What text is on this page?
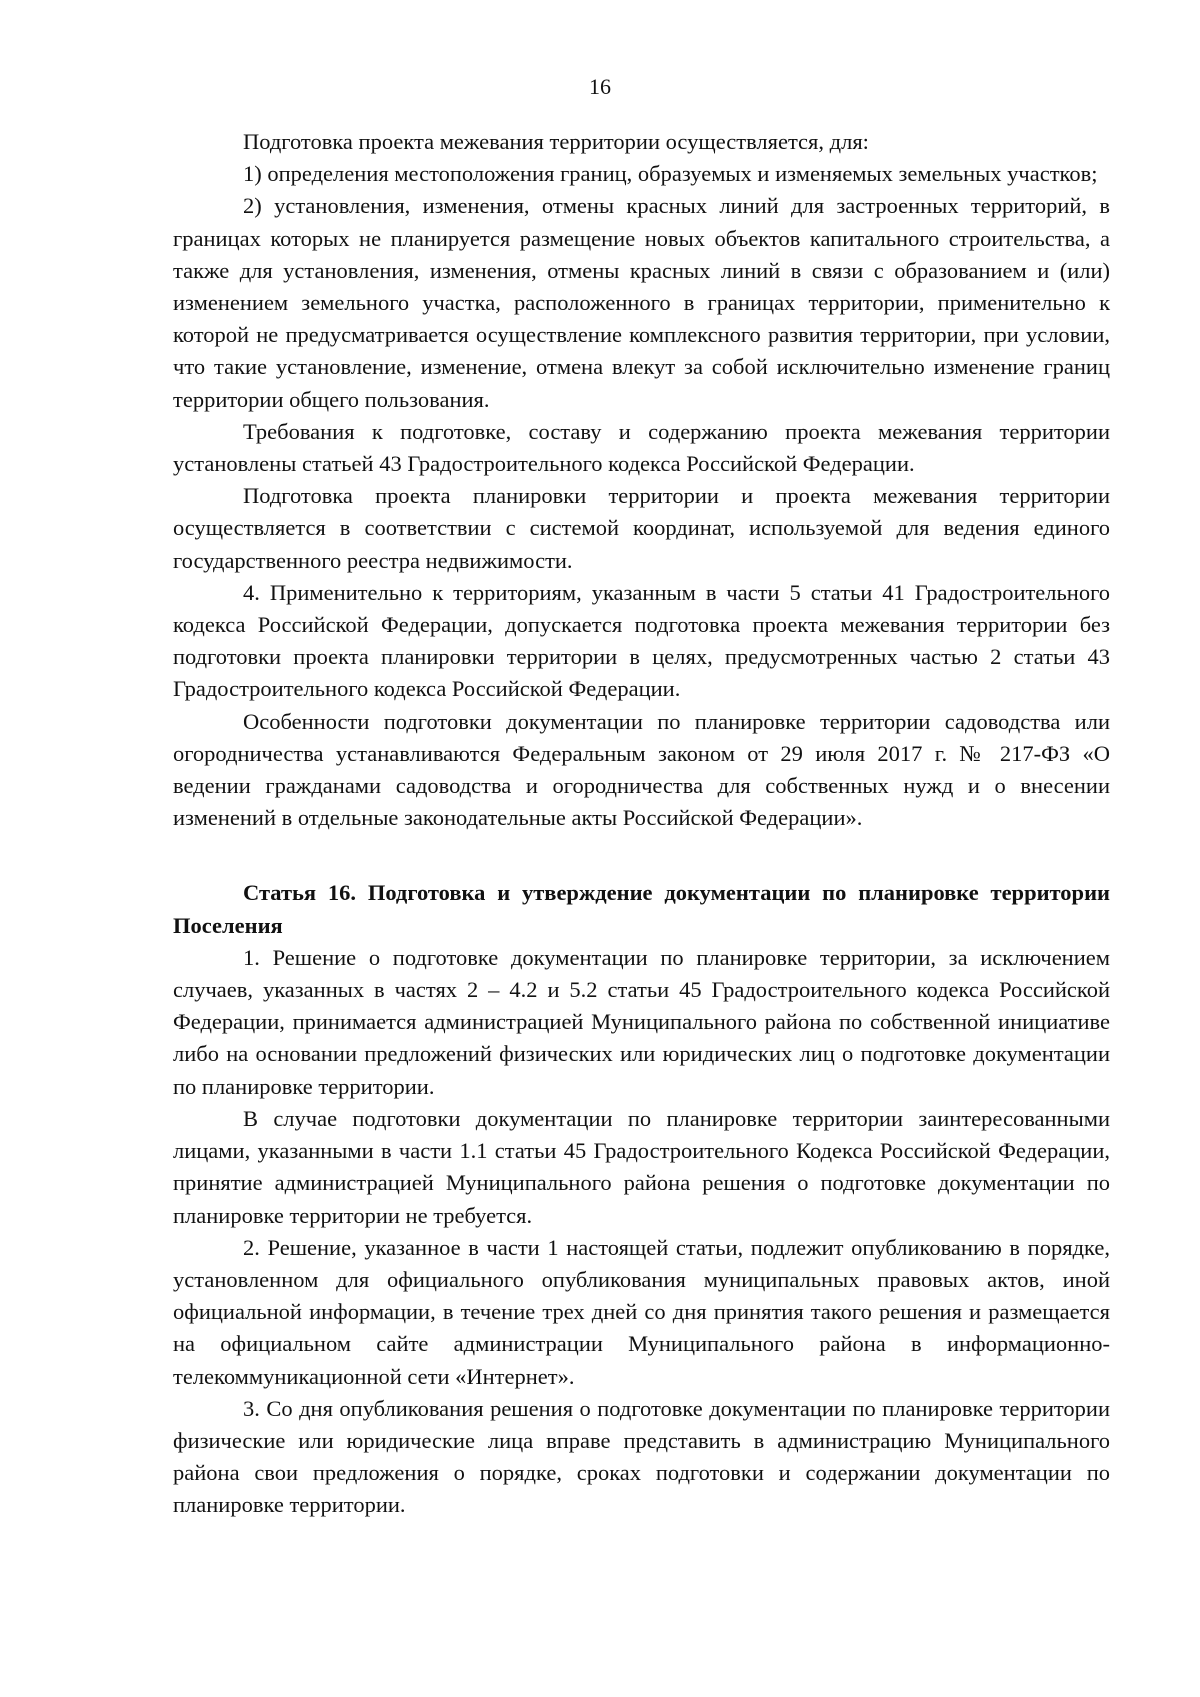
16

Подготовка проекта межевания территории осуществляется, для:

1) определения местоположения границ, образуемых и изменяемых земельных участков;

2) установления, изменения, отмены красных линий для застроенных территорий, в границах которых не планируется размещение новых объектов капитального строительства, а также для установления, изменения, отмены красных линий в связи с образованием и (или) изменением земельного участка, расположенного в границах территории, применительно к которой не предусматривается осуществление комплексного развития территории, при условии, что такие установление, изменение, отмена влекут за собой исключительно изменение границ территории общего пользования.

Требования к подготовке, составу и содержанию проекта межевания территории установлены статьей 43 Градостроительного кодекса Российской Федерации.

Подготовка проекта планировки территории и проекта межевания территории осуществляется в соответствии с системой координат, используемой для ведения единого государственного реестра недвижимости.

4. Применительно к территориям, указанным в части 5 статьи 41 Градостроительного кодекса Российской Федерации, допускается подготовка проекта межевания территории без подготовки проекта планировки территории в целях, предусмотренных частью 2 статьи 43 Градостроительного кодекса Российской Федерации.

Особенности подготовки документации по планировке территории садоводства или огородничества устанавливаются Федеральным законом от 29 июля 2017 г. № 217-ФЗ «О ведении гражданами садоводства и огородничества для собственных нужд и о внесении изменений в отдельные законодательные акты Российской Федерации».

Статья 16. Подготовка и утверждение документации по планировке территории Поселения

1. Решение о подготовке документации по планировке территории, за исключением случаев, указанных в частях 2 – 4.2 и 5.2 статьи 45 Градостроительного кодекса Российской Федерации, принимается администрацией Муниципального района по собственной инициативе либо на основании предложений физических или юридических лиц о подготовке документации по планировке территории.

В случае подготовки документации по планировке территории заинтересованными лицами, указанными в части 1.1 статьи 45 Градостроительного Кодекса Российской Федерации, принятие администрацией Муниципального района решения о подготовке документации по планировке территории не требуется.

2. Решение, указанное в части 1 настоящей статьи, подлежит опубликованию в порядке, установленном для официального опубликования муниципальных правовых актов, иной официальной информации, в течение трех дней со дня принятия такого решения и размещается на официальном сайте администрации Муниципального района в информационно-телекоммуникационной сети «Интернет».

3. Со дня опубликования решения о подготовке документации по планировке территории физические или юридические лица вправе представить в администрацию Муниципального района свои предложения о порядке, сроках подготовки и содержании документации по планировке территории.
